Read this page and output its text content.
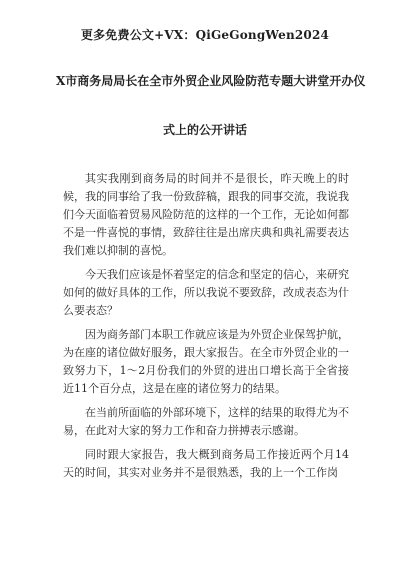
更多免费公文+VX：QiGeGongWen2024
X市商务局局长在全市外贸企业风险防范专题大讲堂开办仪
式上的公开讲话

其实我刚到商务局的时间并不是很长，昨天晚上的时候，我的同事给了我一份致辞稿，跟我的同事交流，我说我们今天面临着贸易风险防范的这样的一个工作，无论如何都不是一件喜悦的事情，致辞往往是出席庆典和典礼需要表达我们难以抑制的喜悦。

今天我们应该是怀着坚定的信念和坚定的信心，来研究如何的做好具体的工作，所以我说不要致辞，改成表态为什么要表态？

因为商务部门本职工作就应该是为外贸企业保驾护航，为在座的诸位做好服务，跟大家报告。在全市外贸企业的一致努力下，1～2月份我们的外贸的进出口增长高于全省接近11个百分点，这是在座的诸位努力的结果。

在当前所面临的外部环境下，这样的结果的取得尤为不易，在此对大家的努力工作和奋力拼搏表示感谢。

同时跟大家报告，我大概到商务局工作接近两个月14天的时间，其实对业务并不是很熟悉，我的上一个工作岗
